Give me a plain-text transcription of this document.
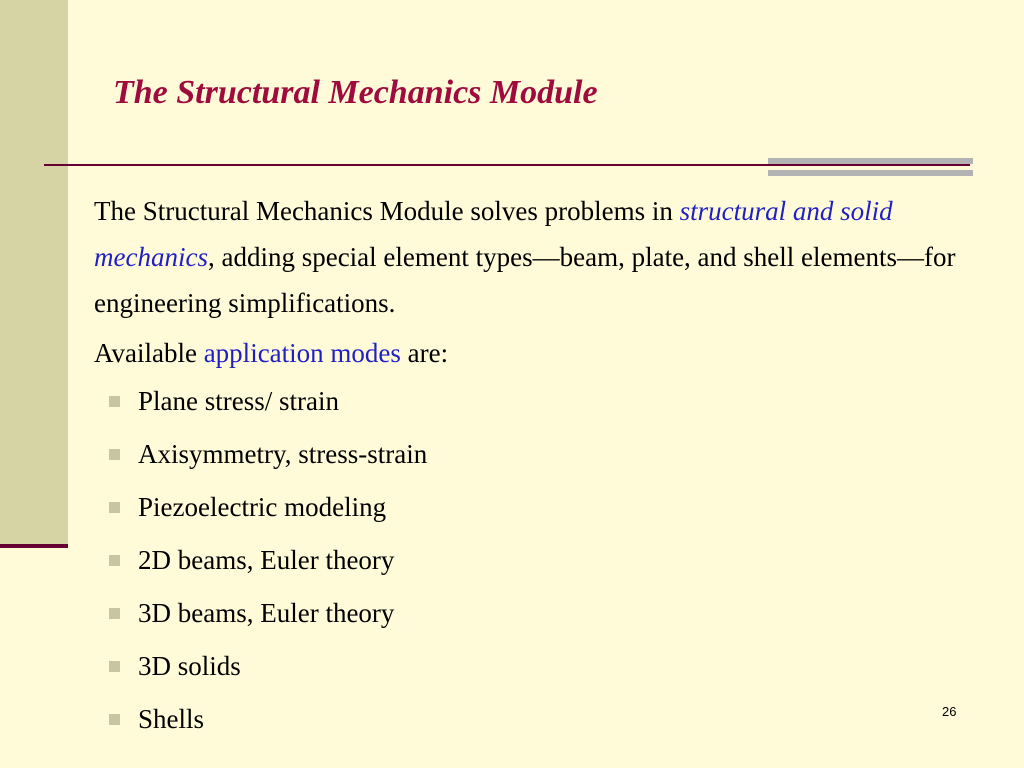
The Structural Mechanics Module

The Structural Mechanics Module solves problems in structural and solid mechanics, adding special element types—beam, plate, and shell elements—for engineering simplifications.

Available application modes are:

Plane stress/ strain
Axisymmetry, stress-strain
Piezoelectric modeling
2D beams, Euler theory
3D beams, Euler theory
3D solids
Shells	26
